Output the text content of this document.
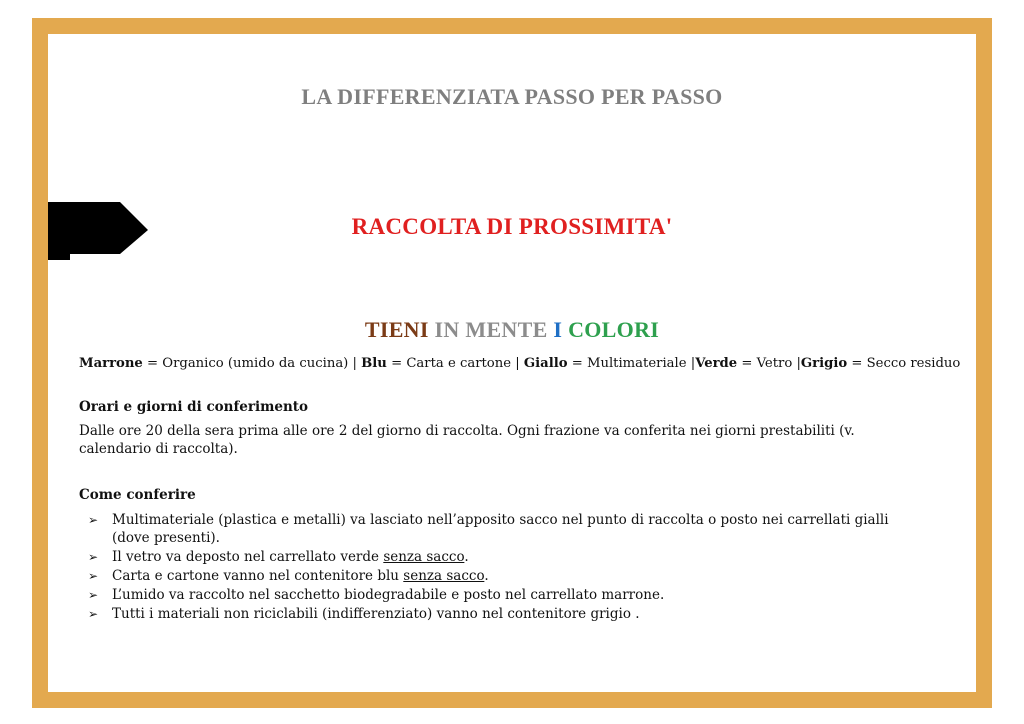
LA DIFFERENZIATA PASSO PER PASSO
RACCOLTA DI PROSSIMITA'
TIENI IN MENTE I COLORI
Marrone = Organico (umido da cucina) | Blu = Carta e cartone | Giallo = Multimateriale |Verde = Vetro |Grigio = Secco residuo
Orari e giorni di conferimento
Dalle ore 20 della sera prima alle ore 2 del giorno di raccolta. Ogni frazione va conferita nei giorni prestabiliti (v. calendario di raccolta).
Come conferire
➢ Multimateriale (plastica e metalli) va lasciato nell’apposito sacco nel punto di raccolta o posto nei carrellati gialli (dove presenti).
➢ Il vetro va deposto nel carrellato verde senza sacco.
➢ Carta e cartone vanno nel contenitore blu senza sacco.
➢ L’umido va raccolto nel sacchetto biodegradabile e posto nel carrellato marrone.
➢ Tutti i materiali non riciclabili (indifferenziato) vanno nel contenitore grigio .
